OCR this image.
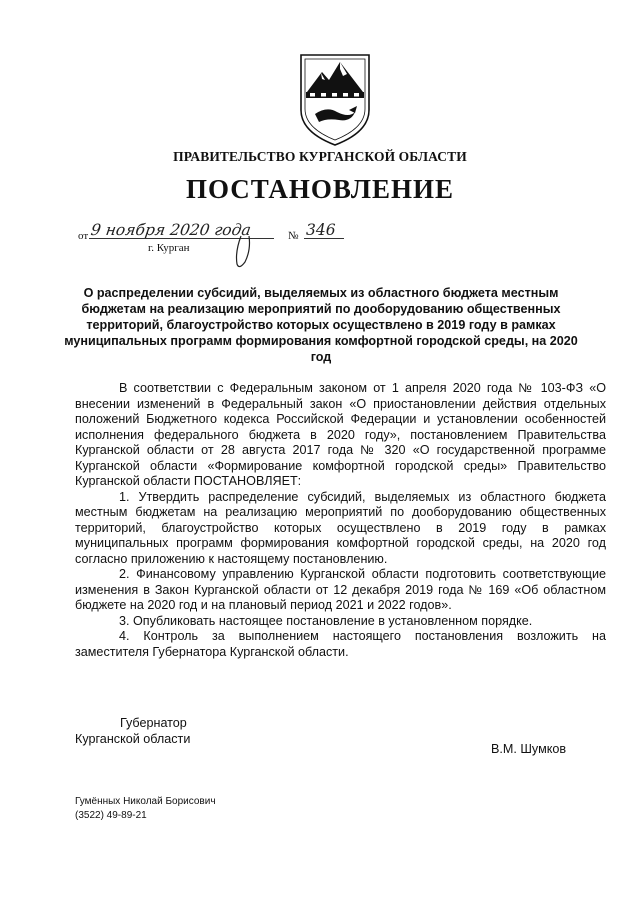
ПРАВИТЕЛЬСТВО КУРГАНСКОЙ ОБЛАСТИ
ПОСТАНОВЛЕНИЕ
от 9 ноября 2020 года	№ 346
г. Курган
О распределении субсидий, выделяемых из областного бюджета местным бюджетам на реализацию мероприятий по дооборудованию общественных территорий, благоустройство которых осуществлено в 2019 году в рамках муниципальных программ формирования комфортной городской среды, на 2020 год

В соответствии с Федеральным законом от 1 апреля 2020 года № 103-ФЗ «О внесении изменений в Федеральный закон «О приостановлении действия отдельных положений Бюджетного кодекса Российской Федерации и установлении особенностей исполнения федерального бюджета в 2020 году», постановлением Правительства Курганской области от 28 августа 2017 года № 320 «О государственной программе Курганской области «Формирование комфортной городской среды» Правительство Курганской области ПОСТАНОВЛЯЕТ:

1. Утвердить распределение субсидий, выделяемых из областного бюджета местным бюджетам на реализацию мероприятий по дооборудованию общественных территорий, благоустройство которых осуществлено в 2019 году в рамках муниципальных программ формирования комфортной городской среды, на 2020 год согласно приложению к настоящему постановлению.

2. Финансовому управлению Курганской области подготовить соответствующие изменения в Закон Курганской области от 12 декабря 2019 года № 169 «Об областном бюджете на 2020 год и на плановый период 2021 и 2022 годов».

3. Опубликовать настоящее постановление в установленном порядке.

4. Контроль за выполнением настоящего постановления возложить на заместителя Губернатора Курганской области.

Губернатор
Курганской области
В.М. Шумков
Гумённых Николай Борисович
(3522) 49-89-21
